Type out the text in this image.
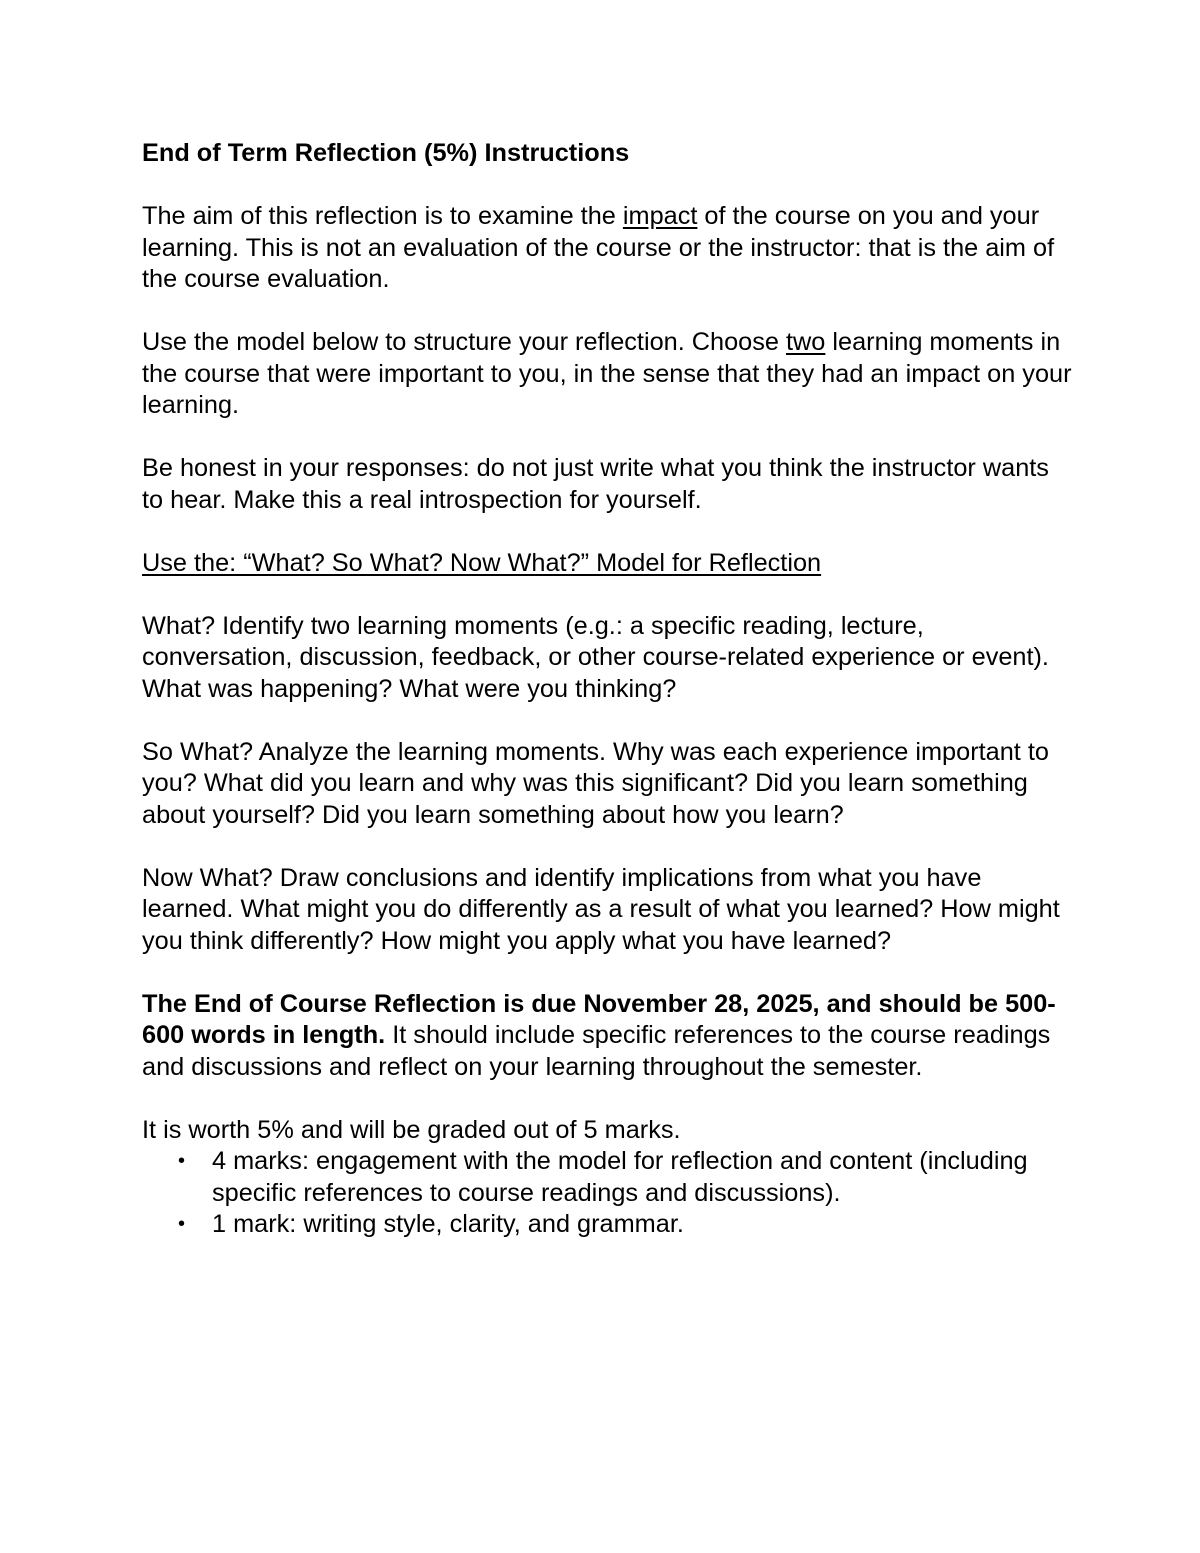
End of Term Reflection (5%) Instructions

The aim of this reflection is to examine the impact of the course on you and your learning. This is not an evaluation of the course or the instructor: that is the aim of the course evaluation.

Use the model below to structure your reflection. Choose two learning moments in the course that were important to you, in the sense that they had an impact on your learning.

Be honest in your responses: do not just write what you think the instructor wants to hear. Make this a real introspection for yourself.

Use the: “What? So What? Now What?” Model for Reflection

What? Identify two learning moments (e.g.: a specific reading, lecture, conversation, discussion, feedback, or other course-related experience or event). What was happening? What were you thinking?

So What? Analyze the learning moments. Why was each experience important to you? What did you learn and why was this significant? Did you learn something about yourself? Did you learn something about how you learn?

Now What? Draw conclusions and identify implications from what you have learned. What might you do differently as a result of what you learned? How might you think differently? How might you apply what you have learned?

The End of Course Reflection is due November 28, 2025, and should be 500-600 words in length. It should include specific references to the course readings and discussions and reflect on your learning throughout the semester.

It is worth 5% and will be graded out of 5 marks.

• 4 marks: engagement with the model for reflection and content (including specific references to course readings and discussions).
• 1 mark: writing style, clarity, and grammar.
